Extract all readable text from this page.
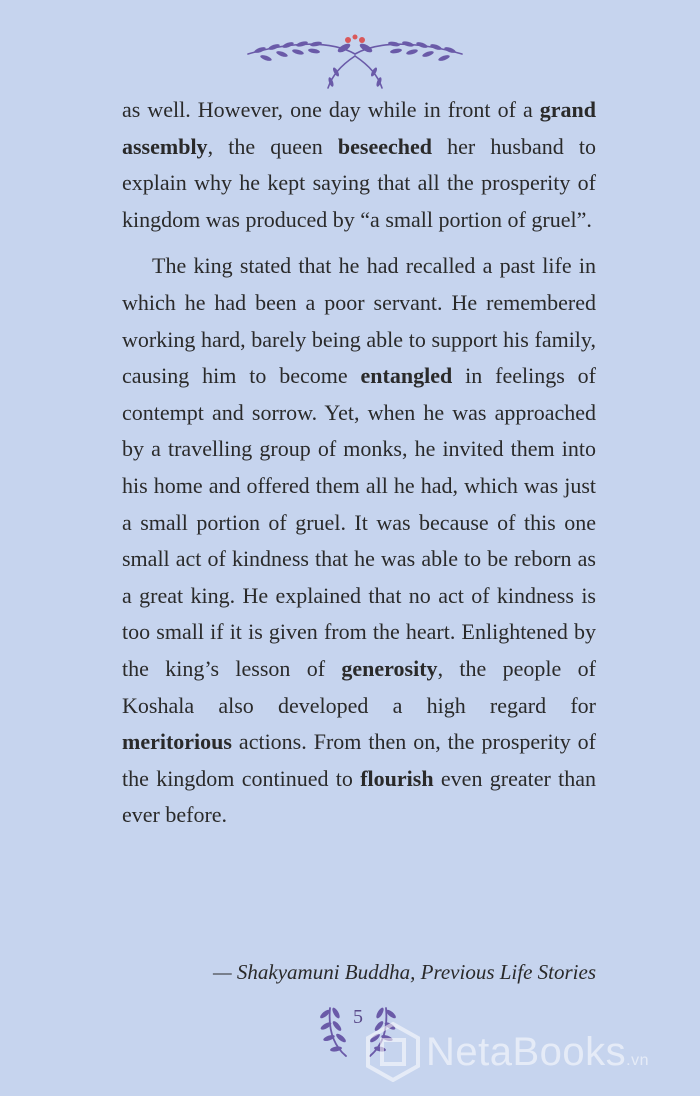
as well. However, one day while in front of a grand assembly, the queen beseeched her husband to explain why he kept saying that all the prosperity of kingdom was produced by “a small portion of gruel”.

The king stated that he had recalled a past life in which he had been a poor servant. He remembered working hard, barely being able to support his family, causing him to become entangled in feelings of contempt and sorrow. Yet, when he was approached by a travelling group of monks, he invited them into his home and offered them all he had, which was just a small portion of gruel. It was because of this one small act of kindness that he was able to be reborn as a great king. He explained that no act of kindness is too small if it is given from the heart. Enlightened by the king’s lesson of generosity, the people of Koshala also developed a high regard for meritorious actions. From then on, the prosperity of the kingdom continued to flourish even greater than ever before.

— Shakyamuni Buddha, Previous Life Stories
5
NetaBooks.vn
